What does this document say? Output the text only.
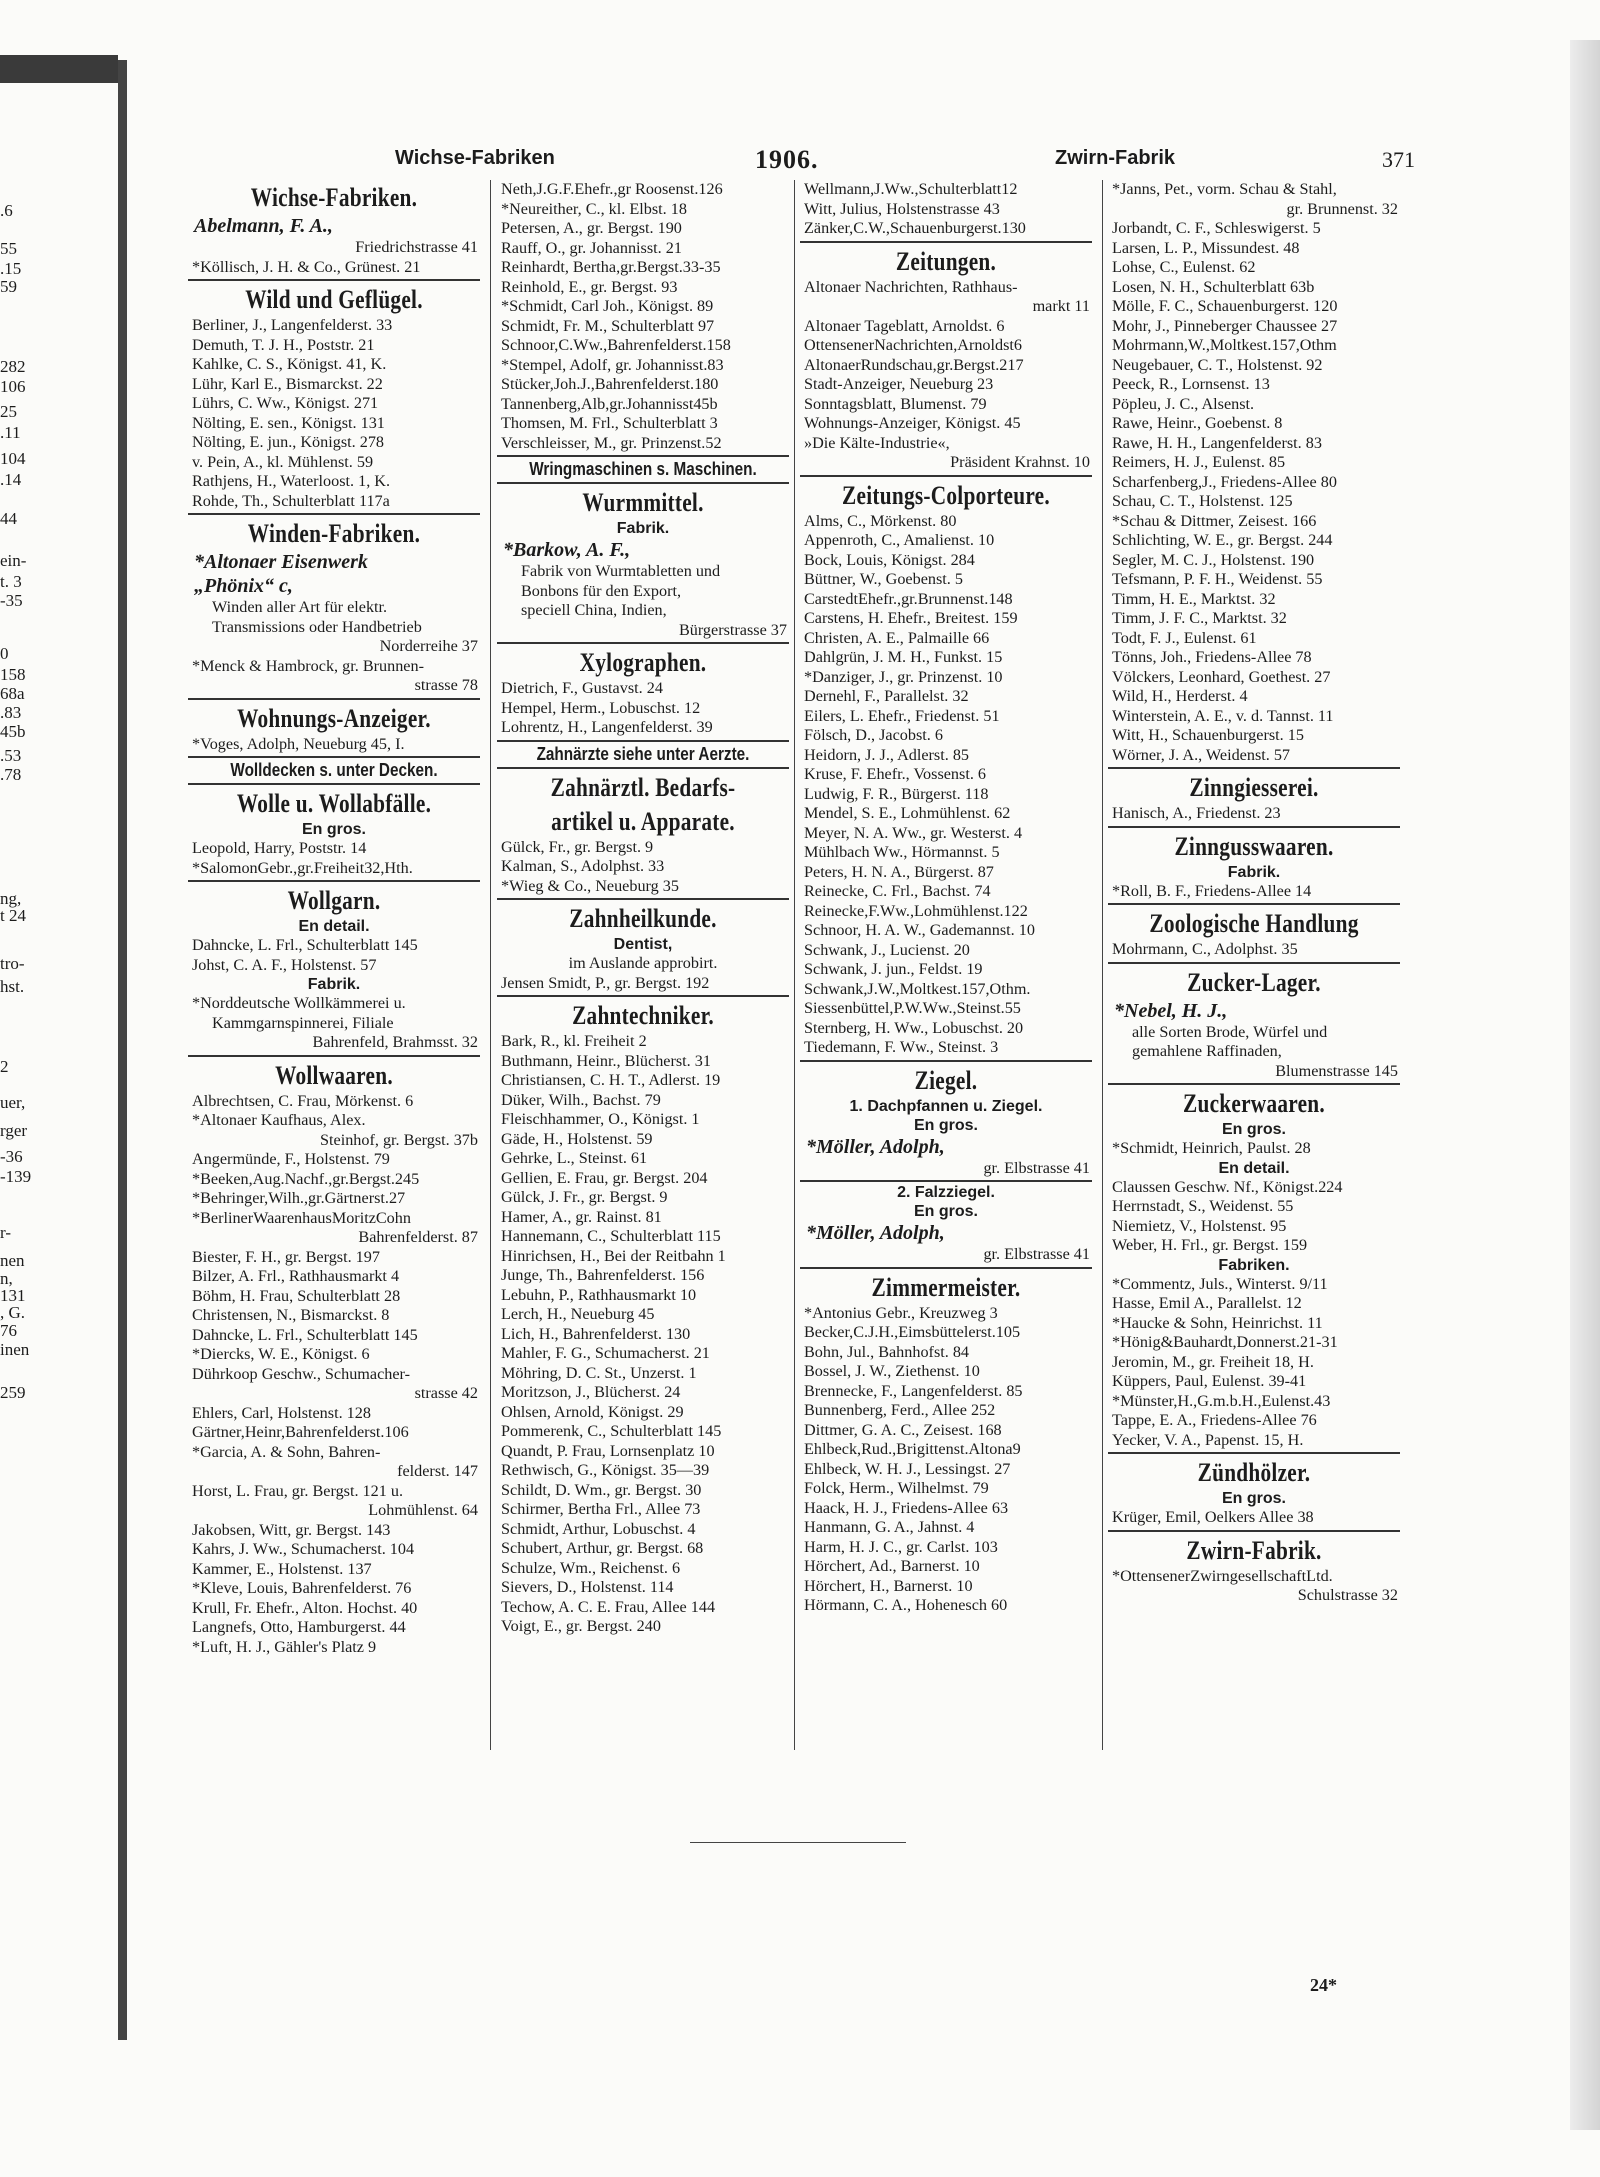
.6
55
.15
59
282
106
25
.11
104
.14
44
ein-
t. 3
-35
0
158
68a
.83
45b
.53
.78
ng,
t 24
tro-
hst.
2
uer,
rger
-36
-139
r-
nen
n,
131
, G.
76
inen
259
Wichse-Fabriken	1906.	Zwirn-Fabrik	371
Wichse-Fabriken.
Abelmann, F. A.,
Friedrichstrasse 41
*Köllisch, J. H. & Co., Grünest. 21
Wild und Geflügel.
Berliner, J., Langenfelderst. 33
Demuth, T. J. H., Poststr. 21
Kahlke, C. S., Königst. 41, K.
Lühr, Karl E., Bismarckst. 22
Lührs, C. Ww., Königst. 271
Nölting, E. sen., Königst. 131
Nölting, E. jun., Königst. 278
v. Pein, A., kl. Mühlenst. 59
Rathjens, H., Waterloost. 1, K.
Rohde, Th., Schulterblatt 117a
Winden-Fabriken.
*Altonaer Eisenwerk
„Phönix“ c,
Winden aller Art für elektr.
Transmissions oder Handbetrieb
Norderreihe 37
*Menck & Hambrock, gr. Brunnen-
strasse 78
Wohnungs-Anzeiger.
*Voges, Adolph, Neueburg 45, I.
Wolldecken s. unter Decken.
Wolle u. Wollabfälle.
En gros.
Leopold, Harry, Poststr. 14
*SalomonGebr.,gr.Freiheit32,Hth.
Wollgarn.
En detail.
Dahncke, L. Frl., Schulterblatt 145
Johst, C. A. F., Holstenst. 57
Fabrik.
*Norddeutsche Wollkämmerei u.
Kammgarnspinnerei, Filiale
Bahrenfeld, Brahmsst. 32
Wollwaaren.
Albrechtsen, C. Frau, Mörkenst. 6
*Altonaer Kaufhaus, Alex.
Steinhof, gr. Bergst. 37b
Angermünde, F., Holstenst. 79
*Beeken,Aug.Nachf.,gr.Bergst.245
*Behringer,Wilh.,gr.Gärtnerst.27
*BerlinerWaarenhausMoritzCohn
Bahrenfelderst. 87
Biester, F. H., gr. Bergst. 197
Bilzer, A. Frl., Rathhausmarkt 4
Böhm, H. Frau, Schulterblatt 28
Christensen, N., Bismarckst. 8
Dahncke, L. Frl., Schulterblatt 145
*Diercks, W. E., Königst. 6
Dührkoop Geschw., Schumacher-
strasse 42
Ehlers, Carl, Holstenst. 128
Gärtner,Heinr,Bahrenfelderst.106
*Garcia, A. & Sohn, Bahren-
felderst. 147
Horst, L. Frau, gr. Bergst. 121 u.
Lohmühlenst. 64
Jakobsen, Witt, gr. Bergst. 143
Kahrs, J. Ww., Schumacherst. 104
Kammer, E., Holstenst. 137
*Kleve, Louis, Bahrenfelderst. 76
Krull, Fr. Ehefr., Alton. Hochst. 40
Langnefs, Otto, Hamburgerst. 44
*Luft, H. J., Gähler's Platz 9
Neth,J.G.F.Ehefr.,gr Roosenst.126
*Neureither, C., kl. Elbst. 18
Petersen, A., gr. Bergst. 190
Rauff, O., gr. Johannisst. 21
Reinhardt, Bertha,gr.Bergst.33-35
Reinhold, E., gr. Bergst. 93
*Schmidt, Carl Joh., Königst. 89
Schmidt, Fr. M., Schulterblatt 97
Schnoor,C.Ww.,Bahrenfelderst.158
*Stempel, Adolf, gr. Johannisst.83
Stücker,Joh.J.,Bahrenfelderst.180
Tannenberg,Alb,gr.Johannisst45b
Thomsen, M. Frl., Schulterblatt 3
Verschleisser, M., gr. Prinzenst.52
Wringmaschinen s. Maschinen.
Wurmmittel.
Fabrik.
*Barkow, A. F.,
Fabrik von Wurmtabletten und
Bonbons für den Export,
speciell China, Indien,
Bürgerstrasse 37
Xylographen.
Dietrich, F., Gustavst. 24
Hempel, Herm., Lobuschst. 12
Lohrentz, H., Langenfelderst. 39
Zahnärzte siehe unter Aerzte.
Zahnärztl. Bedarfs-
artikel u. Apparate.
Gülck, Fr., gr. Bergst. 9
Kalman, S., Adolphst. 33
*Wieg & Co., Neueburg 35
Zahnheilkunde.
Dentist,
im Auslande approbirt.
Jensen Smidt, P., gr. Bergst. 192
Zahntechniker.
Bark, R., kl. Freiheit 2
Buthmann, Heinr., Blücherst. 31
Christiansen, C. H. T., Adlerst. 19
Düker, Wilh., Bachst. 79
Fleischhammer, O., Königst. 1
Gäde, H., Holstenst. 59
Gehrke, L., Steinst. 61
Gellien, E. Frau, gr. Bergst. 204
Gülck, J. Fr., gr. Bergst. 9
Hamer, A., gr. Rainst. 81
Hannemann, C., Schulterblatt 115
Hinrichsen, H., Bei der Reitbahn 1
Junge, Th., Bahrenfelderst. 156
Lebuhn, P., Rathhausmarkt 10
Lerch, H., Neueburg 45
Lich, H., Bahrenfelderst. 130
Mahler, F. G., Schumacherst. 21
Möhring, D. C. St., Unzerst. 1
Moritzson, J., Blücherst. 24
Ohlsen, Arnold, Königst. 29
Pommerenk, C., Schulterblatt 145
Quandt, P. Frau, Lornsenplatz 10
Rethwisch, G., Königst. 35—39
Schildt, D. Wm., gr. Bergst. 30
Schirmer, Bertha Frl., Allee 73
Schmidt, Arthur, Lobuschst. 4
Schubert, Arthur, gr. Bergst. 68
Schulze, Wm., Reichenst. 6
Sievers, D., Holstenst. 114
Techow, A. C. E. Frau, Allee 144
Voigt, E., gr. Bergst. 240
Wellmann,J.Ww.,Schulterblatt12
Witt, Julius, Holstenstrasse 43
Zänker,C.W.,Schauenburgerst.130
Zeitungen.
Altonaer Nachrichten, Rathhaus-
markt 11
Altonaer Tageblatt, Arnoldst. 6
OttensenerNachrichten,Arnoldst6
AltonaerRundschau,gr.Bergst.217
Stadt-Anzeiger, Neueburg 23
Sonntagsblatt, Blumenst. 79
Wohnungs-Anzeiger, Königst. 45
»Die Kälte-Industrie«,
Präsident Krahnst. 10
Zeitungs-Colporteure.
Alms, C., Mörkenst. 80
Appenroth, C., Amalienst. 10
Bock, Louis, Königst. 284
Büttner, W., Goebenst. 5
CarstedtEhefr.,gr.Brunnenst.148
Carstens, H. Ehefr., Breitest. 159
Christen, A. E., Palmaille 66
Dahlgrün, J. M. H., Funkst. 15
*Danziger, J., gr. Prinzenst. 10
Dernehl, F., Parallelst. 32
Eilers, L. Ehefr., Friedenst. 51
Fölsch, D., Jacobst. 6
Heidorn, J. J., Adlerst. 85
Kruse, F. Ehefr., Vossenst. 6
Ludwig, F. R., Bürgerst. 118
Mendel, S. E., Lohmühlenst. 62
Meyer, N. A. Ww., gr. Westerst. 4
Mühlbach Ww., Hörmannst. 5
Peters, H. N. A., Bürgerst. 87
Reinecke, C. Frl., Bachst. 74
Reinecke,F.Ww.,Lohmühlenst.122
Schnoor, H. A. W., Gademannst. 10
Schwank, J., Lucienst. 20
Schwank, J. jun., Feldst. 19
Schwank,J.W.,Moltkest.157,Othm.
Siessenbüttel,P.W.Ww.,Steinst.55
Sternberg, H. Ww., Lobuschst. 20
Tiedemann, F. Ww., Steinst. 3
Ziegel.
1. Dachpfannen u. Ziegel.
En gros.
*Möller, Adolph,
gr. Elbstrasse 41
2. Falzziegel.
En gros.
*Möller, Adolph,
gr. Elbstrasse 41
Zimmermeister.
*Antonius Gebr., Kreuzweg 3
Becker,C.J.H.,Eimsbüttelerst.105
Bohn, Jul., Bahnhofst. 84
Bossel, J. W., Ziethenst. 10
Brennecke, F., Langenfelderst. 85
Bunnenberg, Ferd., Allee 252
Dittmer, G. A. C., Zeisest. 168
Ehlbeck,Rud.,Brigittenst.Altona9
Ehlbeck, W. H. J., Lessingst. 27
Folck, Herm., Wilhelmst. 79
Haack, H. J., Friedens-Allee 63
Hanmann, G. A., Jahnst. 4
Harm, H. J. C., gr. Carlst. 103
Hörchert, Ad., Barnerst. 10
Hörchert, H., Barnerst. 10
Hörmann, C. A., Hohenesch 60
*Janns, Pet., vorm. Schau & Stahl,
gr. Brunnenst. 32
Jorbandt, C. F., Schleswigerst. 5
Larsen, L. P., Missundest. 48
Lohse, C., Eulenst. 62
Losen, N. H., Schulterblatt 63b
Mölle, F. C., Schauenburgerst. 120
Mohr, J., Pinneberger Chaussee 27
Mohrmann,W.,Moltkest.157,Othm
Neugebauer, C. T., Holstenst. 92
Peeck, R., Lornsenst. 13
Pöpleu, J. C., Alsenst.
Rawe, Heinr., Goebenst. 8
Rawe, H. H., Langenfelderst. 83
Reimers, H. J., Eulenst. 85
Scharfenberg,J., Friedens-Allee 80
Schau, C. T., Holstenst. 125
*Schau & Dittmer, Zeisest. 166
Schlichting, W. E., gr. Bergst. 244
Segler, M. C. J., Holstenst. 190
Tefsmann, P. F. H., Weidenst. 55
Timm, H. E., Marktst. 32
Timm, J. F. C., Marktst. 32
Todt, F. J., Eulenst. 61
Tönns, Joh., Friedens-Allee 78
Völckers, Leonhard, Goethest. 27
Wild, H., Herderst. 4
Winterstein, A. E., v. d. Tannst. 11
Witt, H., Schauenburgerst. 15
Wörner, J. A., Weidenst. 57
Zinngiesserei.
Hanisch, A., Friedenst. 23
Zinngusswaaren.
Fabrik.
*Roll, B. F., Friedens-Allee 14
Zoologische Handlung
Mohrmann, C., Adolphst. 35
Zucker-Lager.
*Nebel, H. J.,
alle Sorten Brode, Würfel und
gemahlene Raffinaden,
Blumenstrasse 145
Zuckerwaaren.
En gros.
*Schmidt, Heinrich, Paulst. 28
En detail.
Claussen Geschw. Nf., Königst.224
Herrnstadt, S., Weidenst. 55
Niemietz, V., Holstenst. 95
Weber, H. Frl., gr. Bergst. 159
Fabriken.
*Commentz, Juls., Winterst. 9/11
Hasse, Emil A., Parallelst. 12
*Haucke & Sohn, Heinrichst. 11
*Hönig&Bauhardt,Donnerst.21-31
Jeromin, M., gr. Freiheit 18, H.
Küppers, Paul, Eulenst. 39-41
*Münster,H.,G.m.b.H.,Eulenst.43
Tappe, E. A., Friedens-Allee 76
Yecker, V. A., Papenst. 15, H.
Zündhölzer.
En gros.
Krüger, Emil, Oelkers Allee 38
Zwirn-Fabrik.
*OttensenerZwirngesellschaftLtd.
Schulstrasse 32
24*
